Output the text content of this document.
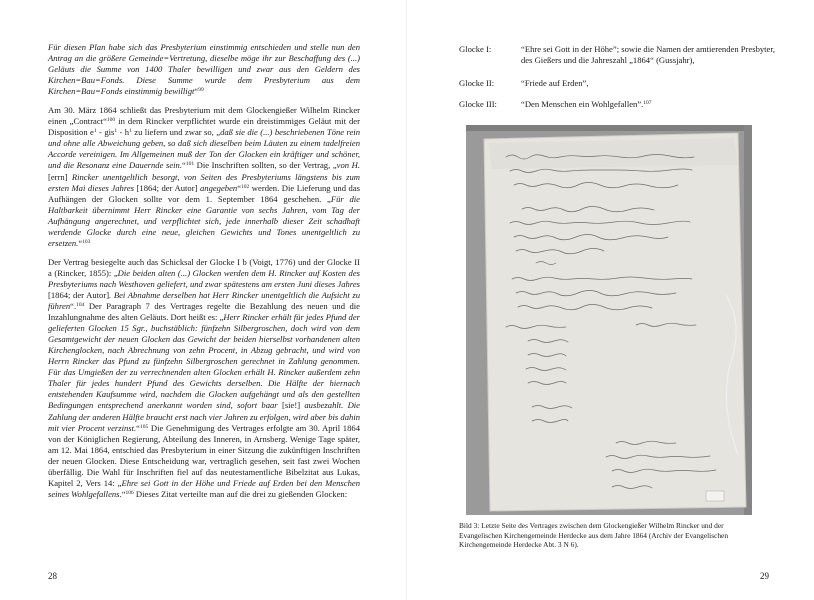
Für diesen Plan habe sich das Presbyterium einstimmig entschieden und stelle nun den Antrag an die größere Gemeinde=Vertretung, dieselbe möge ihr zur Beschaffung des (...) Geläuts die Summe von 1400 Thaler bewilligen und zwar aus den Geldern des Kirchen=Bau=Fonds. Diese Summe wurde dem Presbyterium aus dem Kirchen=Bau=Fonds einstimmig bewilligt“$^{99}$

Am 30. März 1864 schließt das Presbyterium mit dem Glockengießer Wilhelm Rincker einen „Contract“$^{100}$ in dem Rincker verpflichtet wurde ein dreistimmiges Geläut mit der Disposition $e^1 - gis^1 - h^1$ zu liefern und zwar so, „daß sie die (...) beschriebenen Töne rein und ohne alle Abweichung geben, so daß sich dieselben beim Läuten zu einem tadelfreien Accorde vereinigen. Im Allgemeinen muß der Ton der Glocken ein kräftiger und schöner, und die Resonanz eine Dauernde sein.“$^{101}$ Die Inschriften sollten, so der Vertrag, „von H.[errn] Rincker unentgeltlich besorgt, von Seiten des Presbyteriums längstens bis zum ersten Mai dieses Jahres [1864; der Autor] angegeben“$^{102}$ werden. Die Lieferung und das Aufhängen der Glocken sollte vor dem 1. September 1864 geschehen. „Für die Haltbarkeit übernimmt Herr Rincker eine Garantie von sechs Jahren, vom Tag der Aufhängung angerechnet, und verpflichtet sich, jede innerhalb dieser Zeit schadhaft werdende Glocke durch eine neue, gleichen Gewichts und Tones unentgeltlich zu ersetzen.“$^{103}$

Der Vertrag besiegelte auch das Schicksal der Glocke I b (Voigt, 1776) und der Glocke II a (Rincker, 1855): „Die beiden alten (...) Glocken werden dem H. Rincker auf Kosten des Presbyteriums nach Westhoven geliefert, und zwar spätestens am ersten Juni dieses Jahres [1864; der Autor]. Bei Abnahme derselben hat Herr Rincker unentgeltlich die Aufsicht zu führen“.$^{104}$ Der Paragraph 7 des Vertrages regelte die Bezahlung des neuen und die Inzahlungnahme des alten Geläuts. Dort heißt es: „Herr Rincker erhält für jedes Pfund der gelieferten Glocken 15 Sgr., buchstäblich: fünfzehn Silbergroschen, doch wird von dem Gesamtgewicht der neuen Glocken das Gewicht der beiden hierselbst vorhandenen alten Kirchenglocken, nach Abrechnung von zehn Procent, in Abzug gebracht, und wird von Herrn Rincker das Pfund zu fünfzehn Silbergroschen gerechnet in Zahlung genommen. Für das Umgießen der zu verrechnenden alten Glocken erhält H. Rincker außerdem zehn Thaler für jedes hundert Pfund des Gewichts derselben. Die Hälfte der hiernach entstehenden Kaufsumme wird, nachdem die Glocken aufgehängt und als den gestellten Bedingungen entsprechend anerkannt worden sind, sofort baar [sie!] ausbezahlt. Die Zahlung der anderen Hälfte braucht erst nach vier Jahren zu erfolgen, wird aber bis dahin mit vier Procent verzinst.“$^{105}$ Die Genehmigung des Vertrages erfolgte am 30. April 1864 von der Königlichen Regierung, Abteilung des Inneren, in Arnsberg. Wenige Tage später, am 12. Mai 1864, entschied das Presbyterium in einer Sitzung die zukünftigen Inschriften der neuen Glocken. Diese Entscheidung war, vertraglich gesehen, seit fast zwei Wochen überfällig. Die Wahl für Inschriften fiel auf das neutestamentliche Bibelzitat aus Lukas, Kapitel 2, Vers 14: „Ehre sei Gott in der Höhe und Friede auf Erden bei den Menschen seines Wohlgefallens.“$^{106}$ Dieses Zitat verteilte man auf die drei zu gießenden Glocken:

28
Glocke I:	“Ehre sei Gott in der Höhe”; sowie die Namen der amtierenden Presbyter, des Gießers und die Jahreszahl „1864“ (Gussjahr),
Glocke II:	“Friede auf Erden”,
Glocke III:	“Den Menschen ein Wohlgefallen”.$^{107}$
Bild 3: Letzte Seite des Vertrages zwischen dem Glockengießer Wilhelm Rincker und der Evangelischen Kirchengemeinde Herdecke aus dem Jahre 1864 (Archiv der Evangelischen Kirchengemeinde Herdecke Abt. 3 N 6).
29
